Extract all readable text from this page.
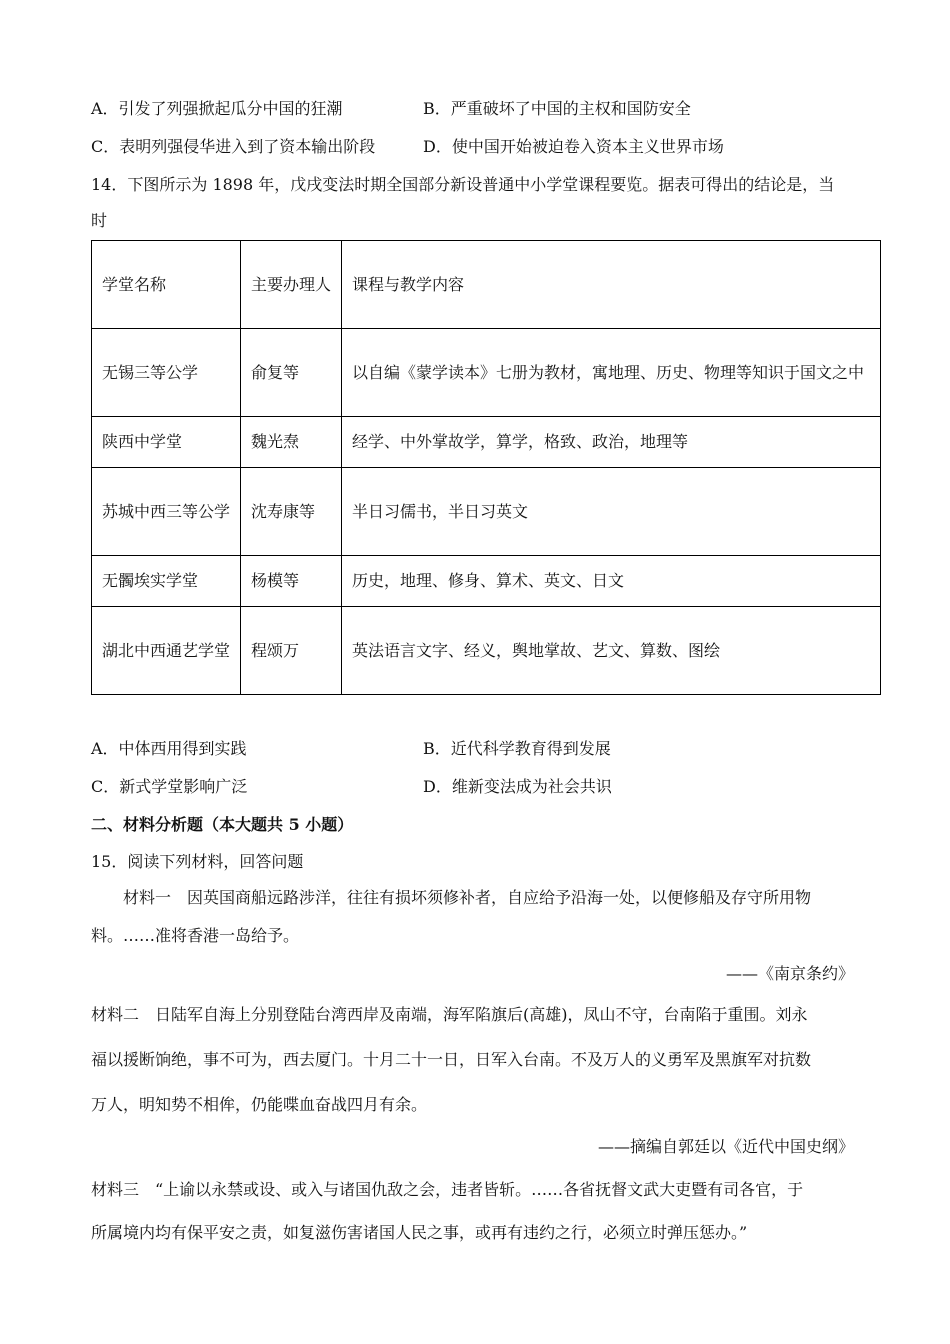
A．引发了列强掀起瓜分中国的狂潮	B．严重破坏了中国的主权和国防安全
C．表明列强侵华进入到了资本输出阶段	D．使中国开始被迫卷入资本主义世界市场
14．下图所示为 1898 年，戊戌变法时期全国部分新设普通中小学堂课程要览。据表可得出的结论是，当
时
学堂名称	主要办理人	课程与教学内容
无锡三等公学	俞复等	以自编《蒙学读本》七册为教材，寓地理、历史、物理等知识于国文之中
陕西中学堂	魏光焘	经学、中外掌故学，算学，格致、政治，地理等
苏城中西三等公学	沈寿康等	半日习儒书，半日习英文
无髑埃实学堂	杨模等	历史，地理、修身、算术、英文、日文
湖北中西通艺学堂	程颂万	英法语言文字、经义，舆地掌故、艺文、算数、图绘
A．中体西用得到实践	B．近代科学教育得到发展
C．新式学堂影响广泛	D．维新变法成为社会共识
二、材料分析题（本大题共 5 小题）
15．阅读下列材料，回答问题
材料一　因英国商船远路涉洋，往往有损坏须修补者，自应给予沿海一处，以便修船及存守所用物
料。……准将香港一岛给予。
——《南京条约》
材料二　日陆军自海上分别登陆台湾西岸及南端，海军陷旗后(高雄)，凤山不守，台南陷于重围。刘永
福以援断饷绝，事不可为，西去厦门。十月二十一日，日军入台南。不及万人的义勇军及黑旗军对抗数
万人，明知势不相侔，仍能喋血奋战四月有余。
——摘编自郭廷以《近代中国史纲》
材料三　“上谕以永禁或设、或入与诸国仇敌之会，违者皆斩。……各省抚督文武大吏暨有司各官，于
所属境内均有保平安之责，如复滋伤害诸国人民之事，或再有违约之行，必须立时弹压惩办。”
